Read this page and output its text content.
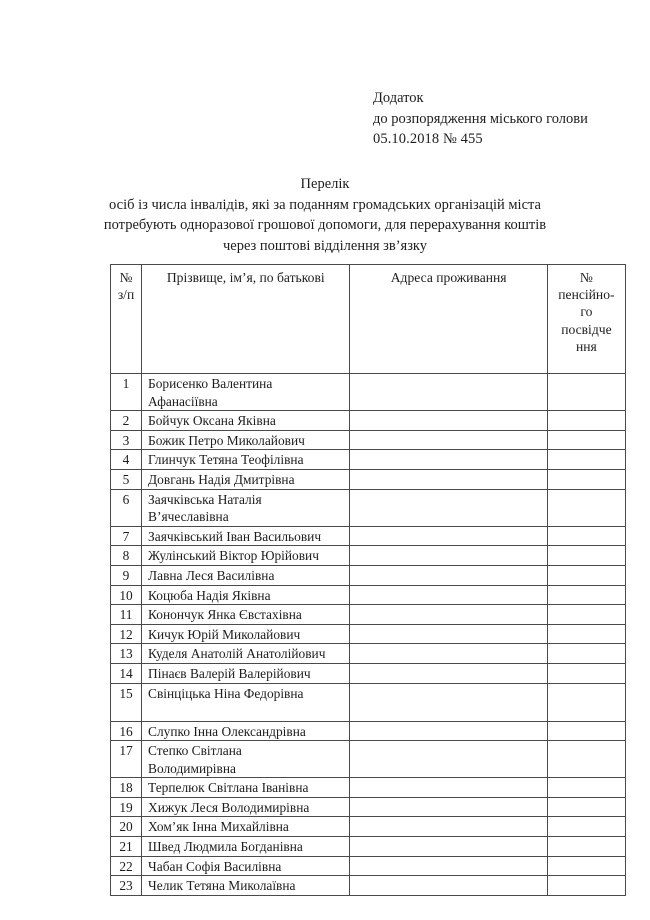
Додаток
до розпорядження міського голови
05.10.2018 № 455
Перелік
осіб із числа інвалідів, які за поданням громадських організацій міста
потребують одноразової грошової допомоги, для перерахування коштів
через поштові відділення зв’язку
№
з/п	Прізвище, ім’я, по батькові	Адреса проживання	№
пенсійно-
го
посвідче
ння

1	Борисенко Валентина
Афанасіївна		

2	Бойчук Оксана Яківна		

3	Божик Петро Миколайович		

4	Глинчук Тетяна Теофілівна		

5	Довгань Надія Дмитрівна		

6	Заячківська Наталія
В’ячеславівна		

7	Заячківський Іван Васильович		

8	Жулінський Віктор Юрійович		

9	Лавна Леся Василівна		

10	Коцюба Надія Яківна		

11	Конончук Янка Євстахівна		

12	Кичук Юрій Миколайович		

13	Куделя Анатолій Анатолійович		

14	Пінаєв Валерій Валерійович		

15	Свінціцька Ніна Федорівна		

16	Слупко Інна Олександрівна		

17	Степко Світлана
Володимирівна		

18	Терпелюк Світлана Іванівна		

19	Хижук Леся Володимирівна		

20	Хом’як Інна Михайлівна		

21	Швед Людмила Богданівна		

22	Чабан Софія Василівна		

23	Челик Тетяна Миколаївна		
